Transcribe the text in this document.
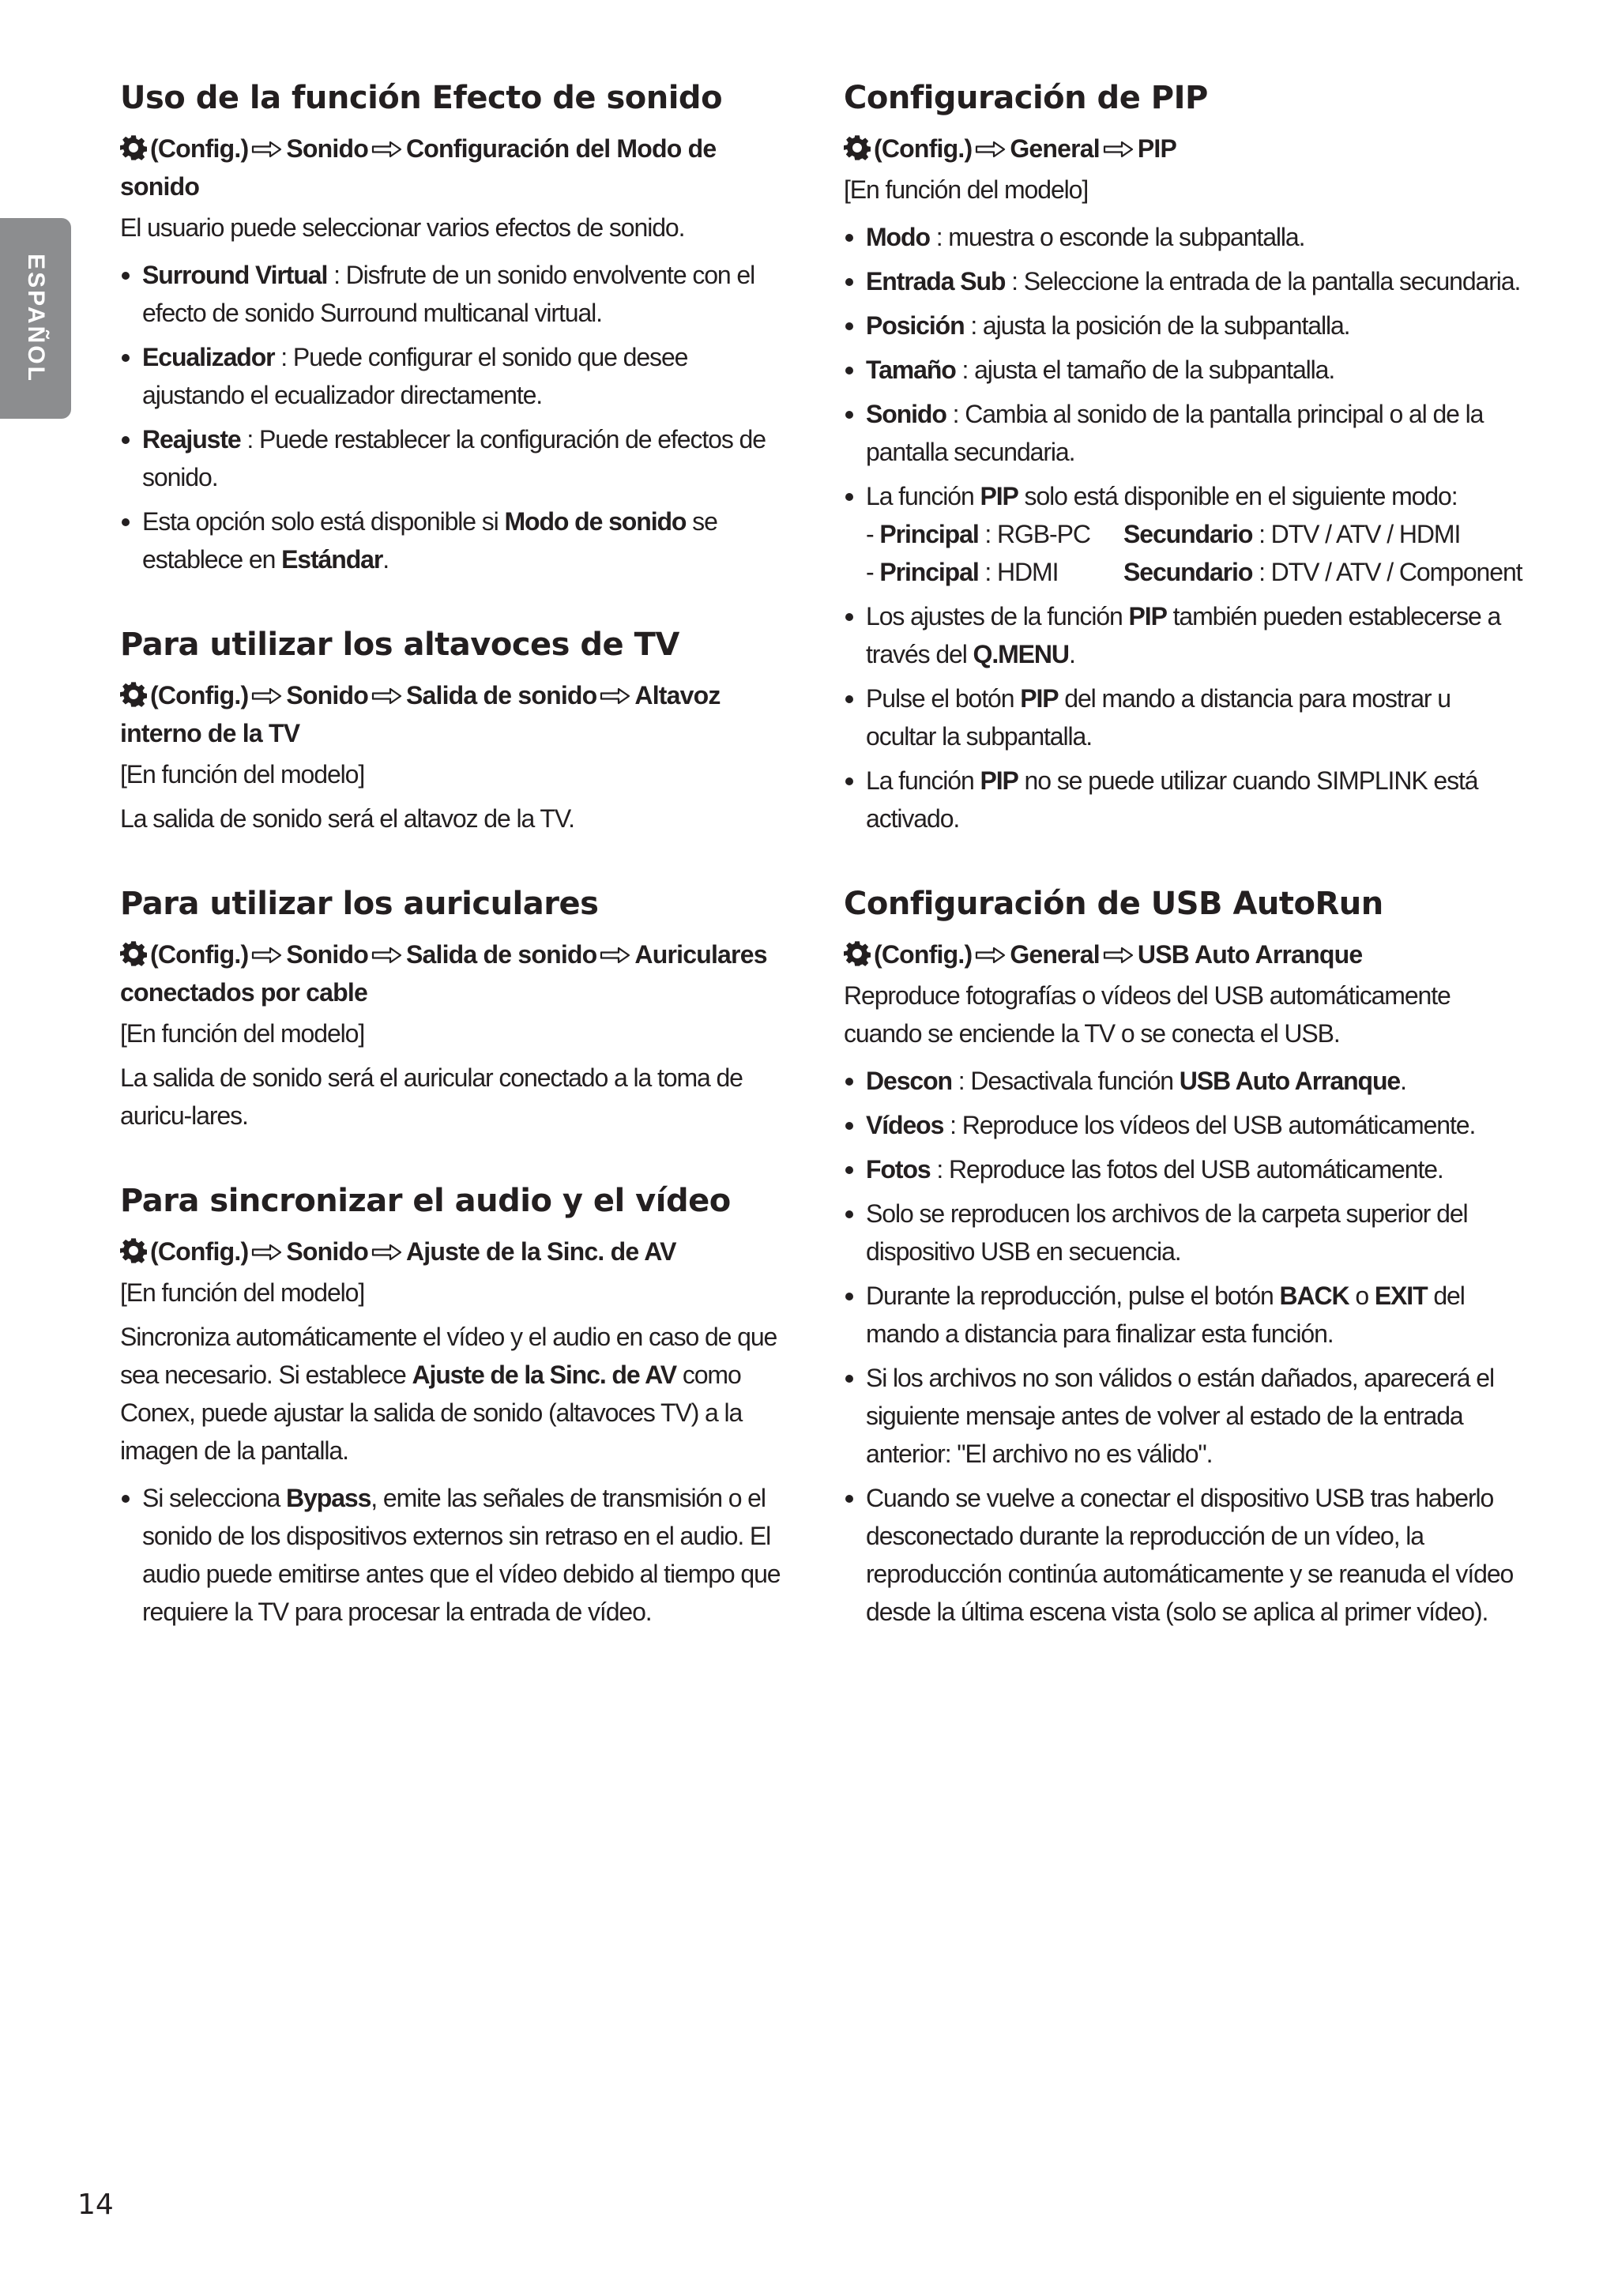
ESPAÑOL
Uso de la función Efecto de sonido
(Config.) Sonido Configuración del Modo de sonido

El usuario puede seleccionar varios efectos de sonido.

Surround Virtual : Disfrute de un sonido envolvente con el efecto de sonido Surround multicanal virtual.
Ecualizador : Puede configurar el sonido que desee ajustando el ecualizador directamente.
Reajuste : Puede restablecer la configuración de efectos de sonido.
Esta opción solo está disponible si Modo de sonido se establece en Estándar.
Para utilizar los altavoces de TV
(Config.) Sonido Salida de sonido Altavoz interno de la TV

[En función del modelo]

La salida de sonido será el altavoz de la TV.

Para utilizar los auriculares
(Config.) Sonido Salida de sonido Auriculares conectados por cable

[En función del modelo]

La salida de sonido será el auricular conectado a la toma de auricu-lares.

Para sincronizar el audio y el vídeo
(Config.) Sonido Ajuste de la Sinc. de AV

[En función del modelo]

Sincroniza automáticamente el vídeo y el audio en caso de que sea necesario. Si establece Ajuste de la Sinc. de AV como Conex, puede ajustar la salida de sonido (altavoces TV) a la imagen de la pantalla.

Si selecciona Bypass, emite las señales de transmisión o el sonido de los dispositivos externos sin retraso en el audio. El audio puede emitirse antes que el vídeo debido al tiempo que requiere la TV para procesar la entrada de vídeo.
Configuración de PIP
(Config.) General PIP

[En función del modelo]

Modo : muestra o esconde la subpantalla.
Entrada Sub : Seleccione la entrada de la pantalla secundaria.
Posición : ajusta la posición de la subpantalla.
Tamaño : ajusta el tamaño de la subpantalla.
Sonido : Cambia al sonido de la pantalla principal o al de la pantalla secundaria.
La función PIP solo está disponible en el siguiente modo:
- Principal : RGB-PC	Secundario : DTV / ATV / HDMI
- Principal : HDMI	Secundario : DTV / ATV / Component
Los ajustes de la función PIP también pueden establecerse a través del Q.MENU.
Pulse el botón PIP del mando a distancia para mostrar u ocultar la subpantalla.
La función PIP no se puede utilizar cuando SIMPLINK está activado.
Configuración de USB AutoRun
(Config.) General USB Auto Arranque

Reproduce fotografías o vídeos del USB automáticamente cuando se enciende la TV o se conecta el USB.

Descon : Desactivala función USB Auto Arranque.
Vídeos : Reproduce los vídeos del USB automáticamente.
Fotos : Reproduce las fotos del USB automáticamente.
Solo se reproducen los archivos de la carpeta superior del dispositivo USB en secuencia.
Durante la reproducción, pulse el botón BACK o EXIT del mando a distancia para finalizar esta función.
Si los archivos no son válidos o están dañados, aparecerá el siguiente mensaje antes de volver al estado de la entrada anterior: "El archivo no es válido".
Cuando se vuelve a conectar el dispositivo USB tras haberlo desconectado durante la reproducción de un vídeo, la reproducción continúa automáticamente y se reanuda el vídeo desde la última escena vista (solo se aplica al primer vídeo).
14
